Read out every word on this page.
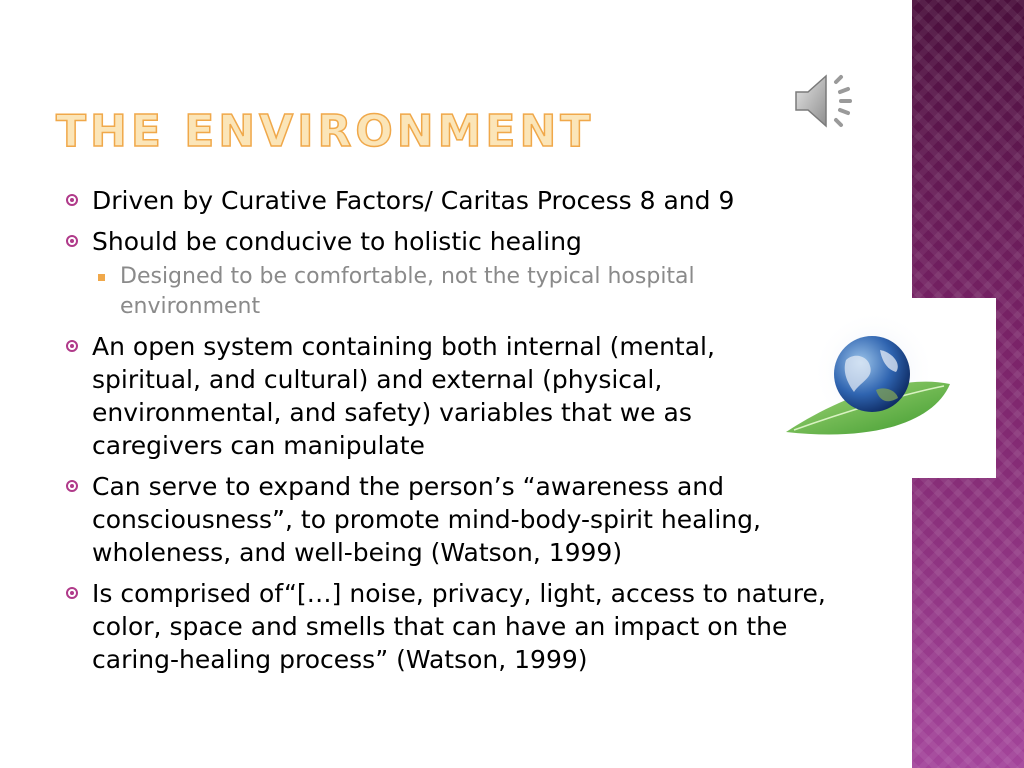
THE ENVIRONMENT
Driven by Curative Factors/ Caritas Process 8 and 9
Should be conducive to holistic healing
Designed to be comfortable, not the typical hospital environment
An open system containing both internal (mental, spiritual, and cultural) and external (physical, environmental, and safety) variables that we as caregivers can manipulate
Can serve to expand the person’s “awareness and consciousness”, to promote mind-body-spirit healing, wholeness, and well-being (Watson, 1999)
Is comprised of“[…] noise, privacy, light, access to nature, color, space and smells that can have an impact on the caring-healing process” (Watson, 1999)
